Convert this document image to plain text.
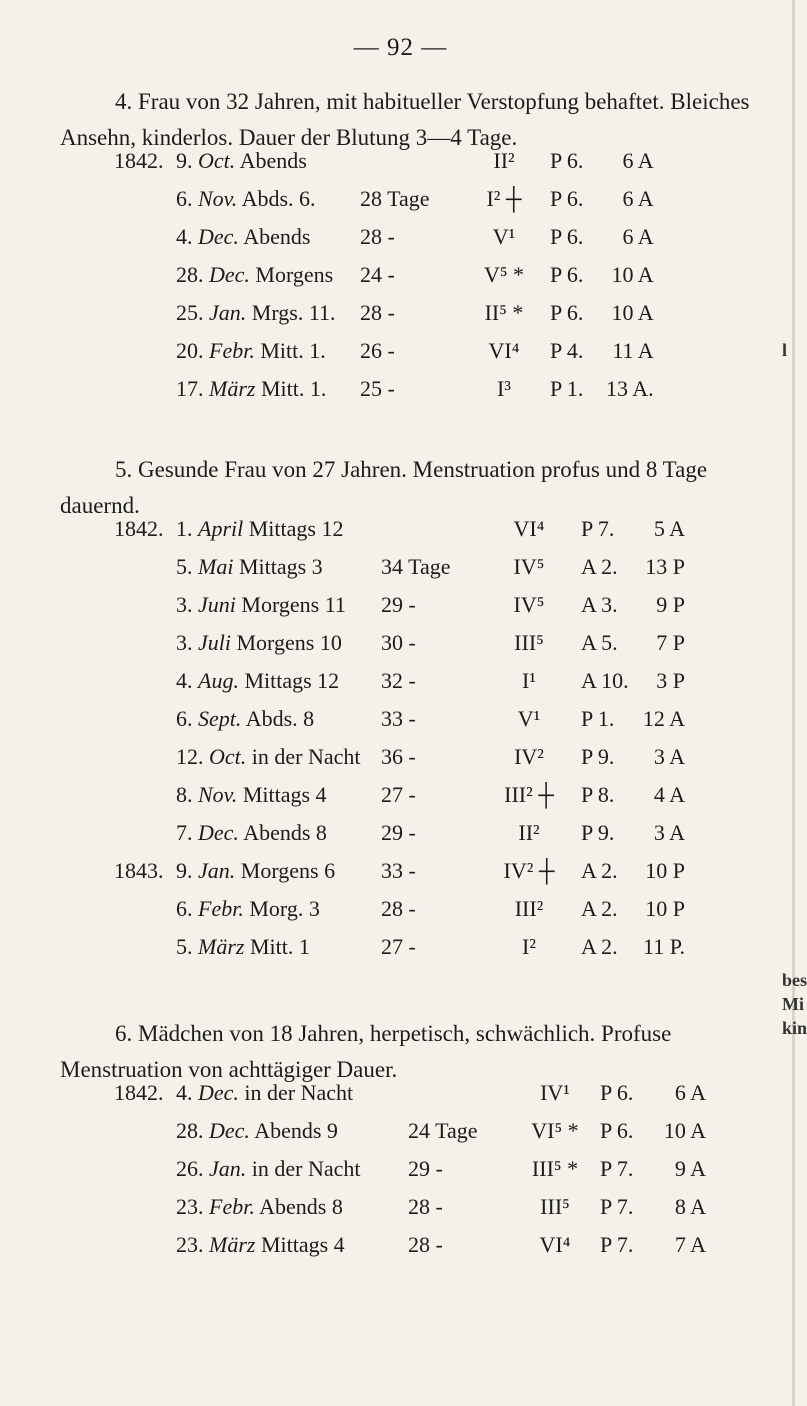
— 92 —

4. Frau von 32 Jahren, mit habitueller Verstopfung behaftet. Bleiches Ansehn, kinderlos. Dauer der Blutung 3—4 Tage.

1842.	9. Oct. Abends		II²	P 6.	6 A
	6. Nov. Abds. 6.	28 Tage	I² ┼	P 6.	6 A
	4. Dec. Abends	28 -	V¹	P 6.	6 A
	28. Dec. Morgens	24 -	V⁵ *	P 6.	10 A
	25. Jan. Mrgs. 11.	28 -	II⁵ *	P 6.	10 A
	20. Febr. Mitt. 1.	26 -	VI⁴	P 4.	11 A
	17. März Mitt. 1.	25 -	I³	P 1.	13 A.

5. Gesunde Frau von 27 Jahren. Menstruation profus und 8 Tage dauernd.

1842.	1. April Mittags 12		VI⁴	P 7.	5 A
	5. Mai Mittags 3	34 Tage	IV⁵	A 2.	13 P
	3. Juni Morgens 11	29 -	IV⁵	A 3.	9 P
	3. Juli Morgens 10	30 -	III⁵	A 5.	7 P
	4. Aug. Mittags 12	32 -	I¹	A 10.	3 P
	6. Sept. Abds. 8	33 -	V¹	P 1.	12 A
	12. Oct. in der Nacht	36 -	IV²	P 9.	3 A
	8. Nov. Mittags 4	27 -	III² ┼	P 8.	4 A
	7. Dec. Abends 8	29 -	II²	P 9.	3 A
1843.	9. Jan. Morgens 6	33 -	IV² ┼	A 2.	10 P
	6. Febr. Morg. 3	28 -	III²	A 2.	10 P
	5. März Mitt. 1	27 -	I²	A 2.	11 P.

6. Mädchen von 18 Jahren, herpetisch, schwächlich. Profuse Menstruation von achttägiger Dauer.

1842.	4. Dec. in der Nacht		IV¹	P 6.	6 A
	28. Dec. Abends 9	24 Tage	VI⁵ *	P 6.	10 A
	26. Jan. in der Nacht	29 -	III⁵ *	P 7.	9 A
	23. Febr. Abends 8	28 -	III⁵	P 7.	8 A
	23. März Mittags 4	28 -	VI⁴	P 7.	7 A
l
bes
Mi
kin
